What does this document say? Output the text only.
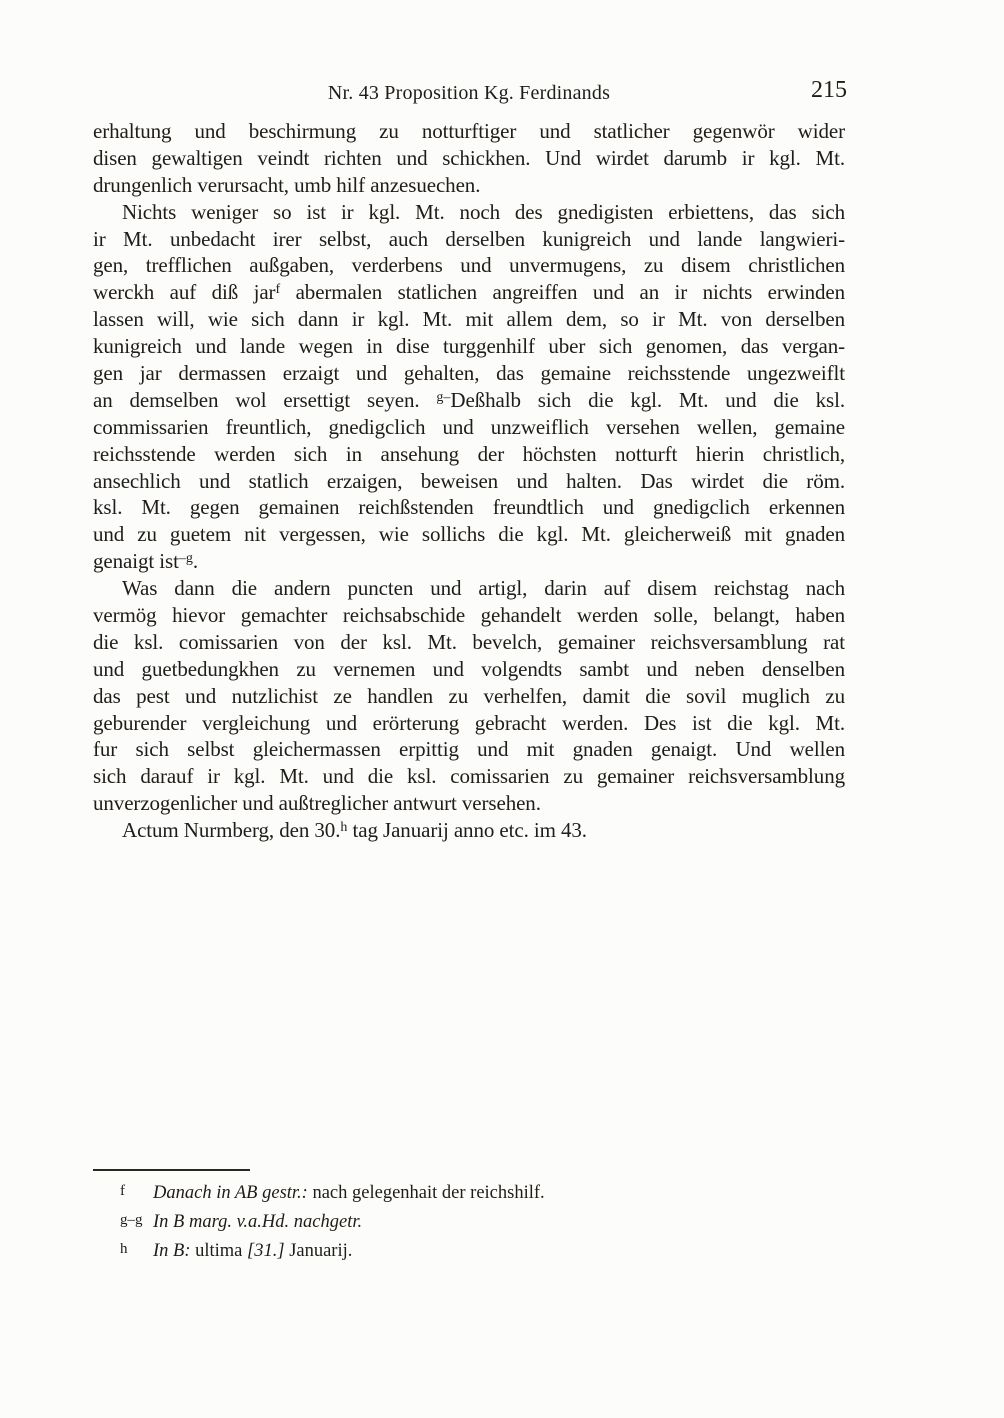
Nr. 43 Proposition Kg. Ferdinands	215
erhaltung und beschirmung zu notturftiger und statlicher gegenwör wider
disen gewaltigen veindt richten und schickhen. Und wirdet darumb ir kgl. Mt.
drungenlich verursacht, umb hilf anzesuechen.
Nichts weniger so ist ir kgl. Mt. noch des gnedigisten erbiettens, das sich
ir Mt. unbedacht irer selbst, auch derselben kunigreich und lande langwieri-
gen, trefflichen außgaben, verderbens und unvermugens, zu disem christlichen
werckh auf diß jar$^f$ abermalen statlichen angreiffen und an ir nichts erwinden
lassen will, wie sich dann ir kgl. Mt. mit allem dem, so ir Mt. von derselben
kunigreich und lande wegen in dise turggenhilf uber sich genomen, das vergan-
gen jar dermassen erzaigt und gehalten, das gemaine reichsstende ungezweiflt
an demselben wol ersettigt seyen. $^{g-}$Deßhalb sich die kgl. Mt. und die ksl.
commissarien freuntlich, gnedigclich und unzweiflich versehen wellen, gemaine
reichsstende werden sich in ansehung der höchsten notturft hierin christlich,
ansechlich und statlich erzaigen, beweisen und halten. Das wirdet die röm.
ksl. Mt. gegen gemainen reichßstenden freundtlich und gnedigclich erkennen
und zu guetem nit vergessen, wie sollichs die kgl. Mt. gleicherweiß mit gnaden
genaigt ist$^{-g}$.
Was dann die andern puncten und artigl, darin auf disem reichstag nach
vermög hievor gemachter reichsabschide gehandelt werden solle, belangt, haben
die ksl. comissarien von der ksl. Mt. bevelch, gemainer reichsversamblung rat
und guetbedungkhen zu vernemen und volgendts sambt und neben denselben
das pest und nutzlichist ze handlen zu verhelfen, damit die sovil muglich zu
geburender vergleichung und erörterung gebracht werden. Des ist die kgl. Mt.
fur sich selbst gleichermassen erpittig und mit gnaden genaigt. Und wellen
sich darauf ir kgl. Mt. und die ksl. comissarien zu gemainer reichsversamblung
unverzogenlicher und außtreglicher antwurt versehen.
Actum Nurmberg, den 30.$^h$ tag Januarij anno etc. im 43.
f Danach in AB gestr.: nach gelegenhait der reichshilf.
g–g In B marg. v.a.Hd. nachgetr.
h In B: ultima [31.] Januarij.
